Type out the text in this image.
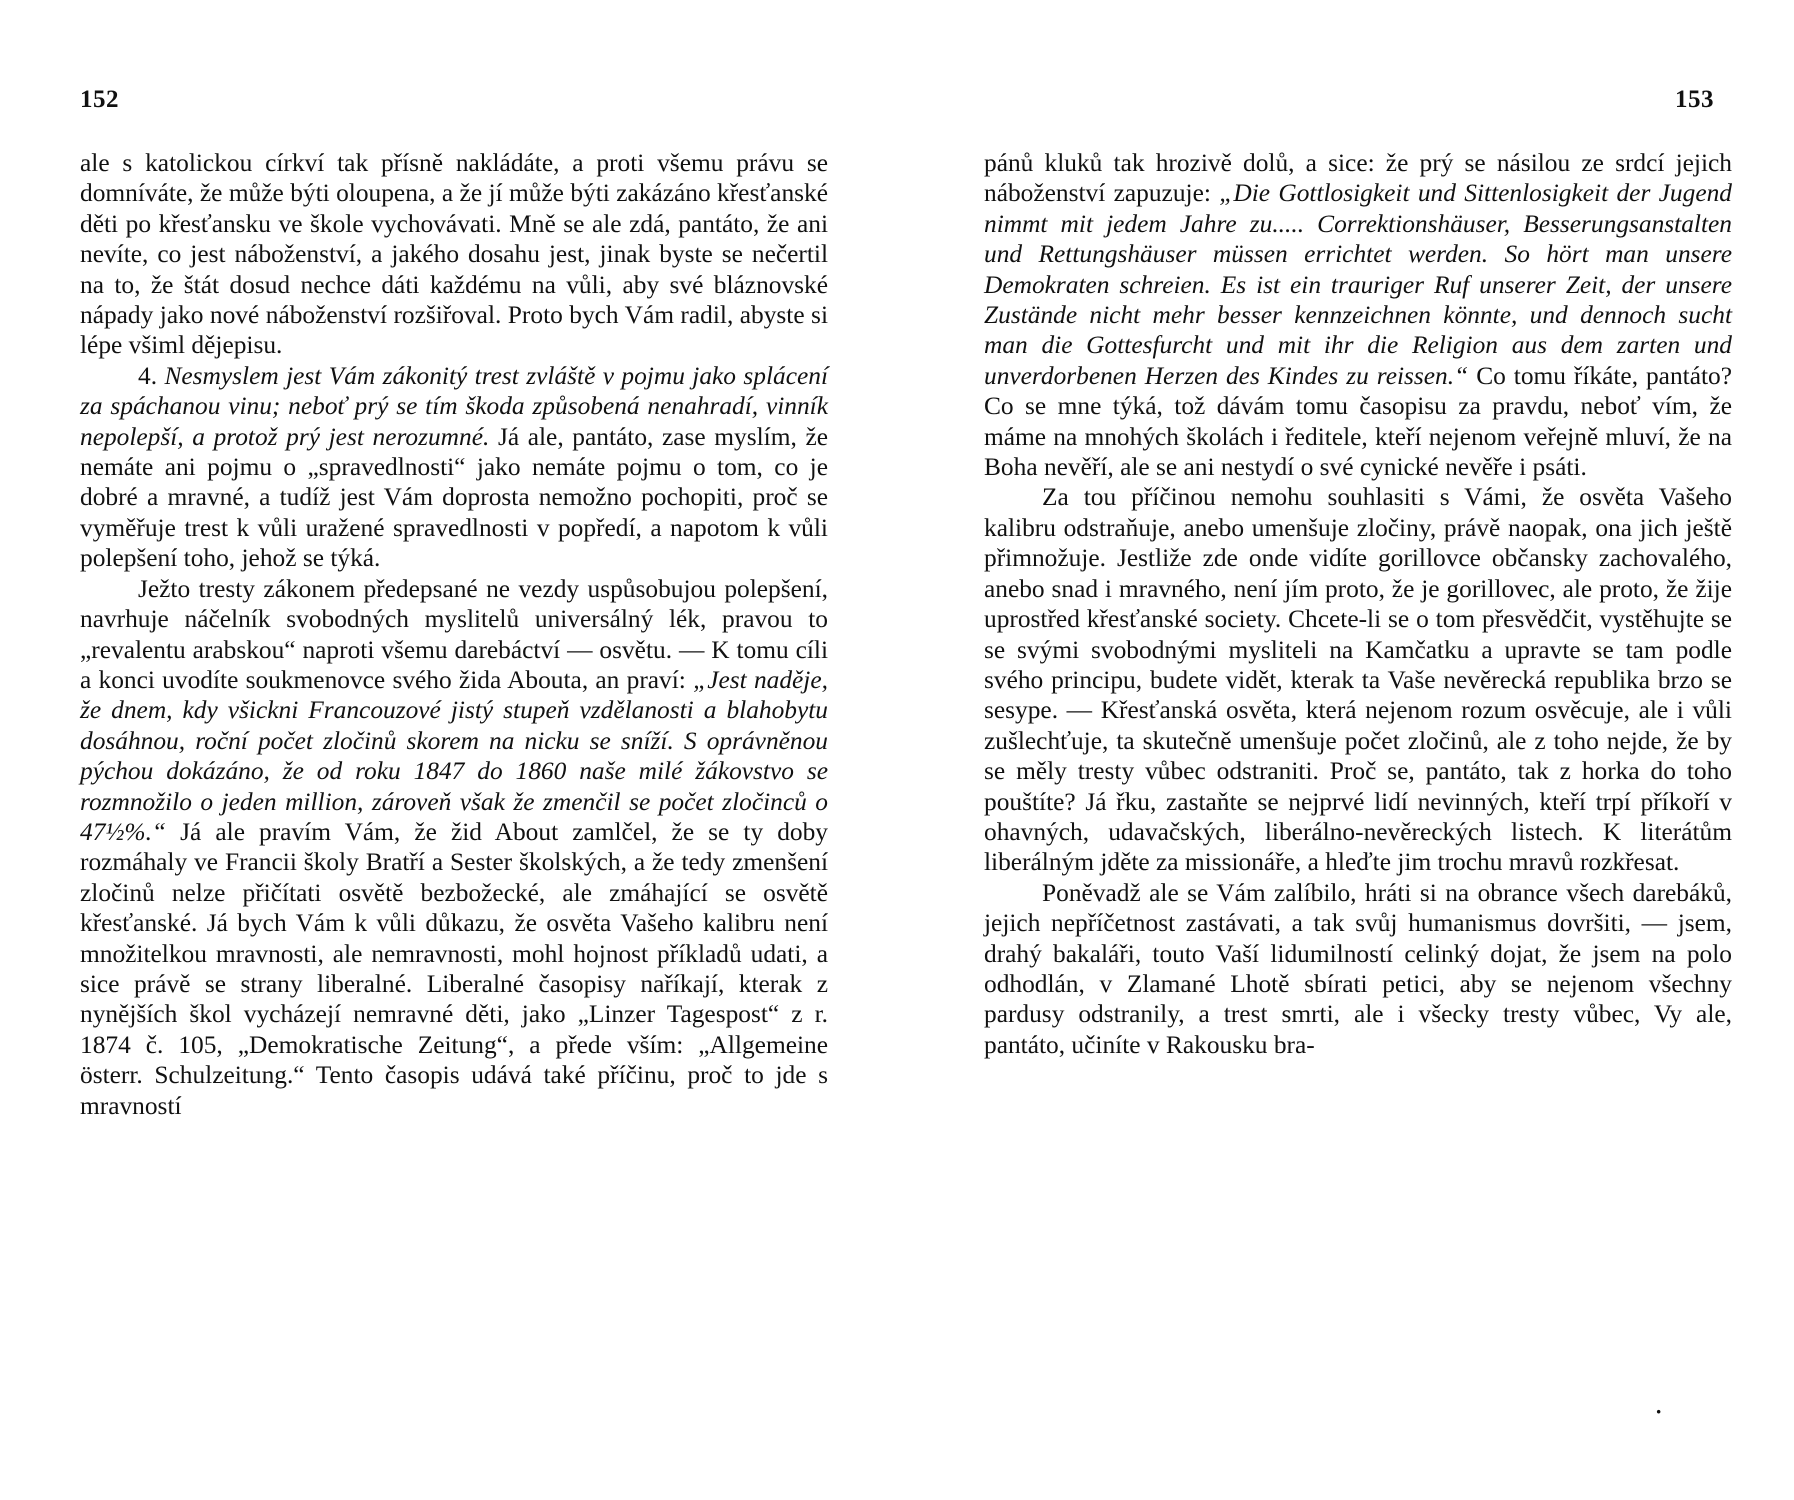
152

ale s katolickou církví tak přísně nakládáte, a proti všemu právu se domníváte, že může býti oloupena, a že jí může býti zakázáno křesťanské děti po křesťansku ve škole vychovávati. Mně se ale zdá, pantáto, že ani nevíte, co jest náboženství, a jakého dosahu jest, jinak byste se nečertil na to, že štát dosud nechce dáti každému na vůli, aby své bláznovské nápady jako nové náboženství rozšiřoval. Proto bych Vám radil, abyste si lépe všiml dějepisu.

4. Nesmyslem jest Vám zákonitý trest zvláště v pojmu jako splácení za spáchanou vinu; neboť prý se tím škoda způsobená nenahradí, vinník nepolepší, a protož prý jest nerozumné. Já ale, pantáto, zase myslím, že nemáte ani pojmu o „spravedlnosti“ jako nemáte pojmu o tom, co je dobré a mravné, a tudíž jest Vám doprosta nemožno pochopiti, proč se vyměřuje trest k vůli uražené spravedlnosti v popředí, a napotom k vůli polepšení toho, jehož se týká.

Ježto tresty zákonem předepsané ne vezdy uspůsobujou polepšení, navrhuje náčelník svobodných myslitelů universálný lék, pravou to „revalentu arabskou“ naproti všemu darebáctví — osvětu. — K tomu cíli a konci uvodíte soukmenovce svého žida Abouta, an praví: „Jest naděje, že dnem, kdy všickni Francouzové jistý stupeň vzdělanosti a blahobytu dosáhnou, roční počet zločinů skorem na nicku se sníží. S oprávněnou pýchou dokázáno, že od roku 1847 do 1860 naše milé žákovstvo se rozmnožilo o jeden million, zároveň však že zmenčil se počet zločinců o 47½%.“ Já ale pravím Vám, že žid About zamlčel, že se ty doby rozmáhaly ve Francii školy Bratří a Sester školských, a že tedy zmenšení zločinů nelze přičítati osvětě bezbožecké, ale zmáhající se osvětě křesťanské. Já bych Vám k vůli důkazu, že osvěta Vašeho kalibru není množitelkou mravnosti, ale nemravnosti, mohl hojnost příkladů udati, a sice právě se strany liberalné. Liberalné časopisy naříkají, kterak z nynějších škol vycházejí nemravné děti, jako „Linzer Tagespost“ z r. 1874 č. 105, „Demokratische Zeitung“, a přede vším: „Allgemeine österr. Schulzeitung.“ Tento časopis udává také příčinu, proč to jde s mravností

153

pánů kluků tak hrozivě dolů, a sice: že prý se násilou ze srdcí jejich náboženství zapuzuje: „Die Gottlosigkeit und Sittenlosigkeit der Jugend nimmt mit jedem Jahre zu..... Correktionshäuser, Besserungsanstalten und Rettungshäuser müssen errichtet werden. So hört man unsere Demokraten schreien. Es ist ein trauriger Ruf unserer Zeit, der unsere Zustände nicht mehr besser kennzeichnen könnte, und dennoch sucht man die Gottesfurcht und mit ihr die Religion aus dem zarten und unverdorbenen Herzen des Kindes zu reissen.“ Co tomu říkáte, pantáto? Co se mne týká, tož dávám tomu časopisu za pravdu, neboť vím, že máme na mnohých školách i ředitele, kteří nejenom veřejně mluví, že na Boha nevěří, ale se ani nestydí o své cynické nevěře i psáti.

Za tou příčinou nemohu souhlasiti s Vámi, že osvěta Vašeho kalibru odstraňuje, anebo umenšuje zločiny, právě naopak, ona jich ještě přimnožuje. Jestliže zde onde vidíte gorillovce občansky zachovalého, anebo snad i mravného, není jím proto, že je gorillovec, ale proto, že žije uprostřed křesťanské society. Chcete-li se o tom přesvědčit, vystěhujte se se svými svobodnými mysliteli na Kamčatku a upravte se tam podle svého principu, budete vidět, kterak ta Vaše nevěrecká republika brzo se sesype. — Křesťanská osvěta, která nejenom rozum osvěcuje, ale i vůli zušlechťuje, ta skutečně umenšuje počet zločinů, ale z toho nejde, že by se měly tresty vůbec odstraniti. Proč se, pantáto, tak z horka do toho pouštíte? Já řku, zastaňte se nejprvé lidí nevinných, kteří trpí příkoří v ohavných, udavačských, liberálno-nevěreckých listech. K literátům liberálným jděte za missionáře, a hleďte jim trochu mravů rozkřesat.

Poněvadž ale se Vám zalíbilo, hráti si na obrance všech darebáků, jejich nepříčetnost zastávati, a tak svůj humanismus dovršiti, — jsem, drahý bakaláři, touto Vaší lidumilností celinký dojat, že jsem na polo odhodlán, v Zlamané Lhotě sbírati petici, aby se nejenom všechny pardusy odstranily, a trest smrti, ale i všecky tresty vůbec, Vy ale, pantáto, učiníte v Rakousku bra-

·
